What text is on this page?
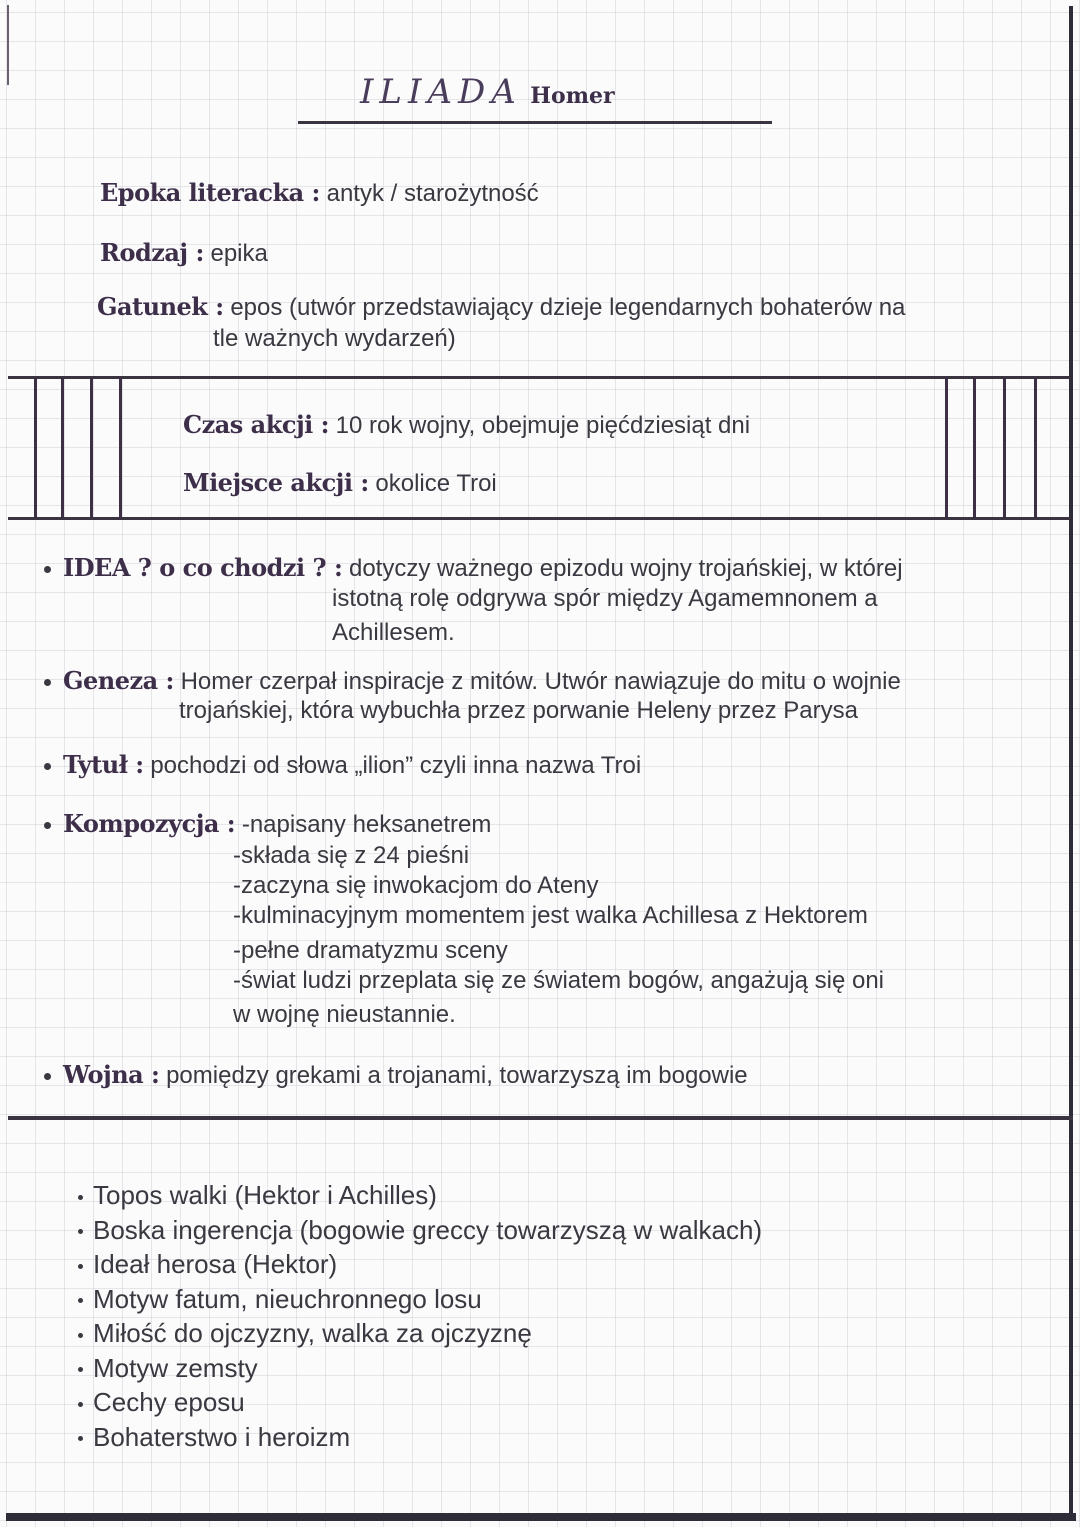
ILIADA Homer
Epoka literacka : antyk / starożytność
Rodzaj : epika
Gatunek : epos (utwór przedstawiający dzieje legendarnych bohaterów na
tle ważnych wydarzeń)
Czas akcji : 10 rok wojny, obejmuje pięćdziesiąt dni
Miejsce akcji : okolice Troi
IDEA ? o co chodzi ? : dotyczy ważnego epizodu wojny trojańskiej, w której
istotną rolę odgrywa spór między Agamemnonem a
Achillesem.
Geneza : Homer czerpał inspiracje z mitów. Utwór nawiązuje do mitu o wojnie
trojańskiej, która wybuchła przez porwanie Heleny przez Parysa
Tytuł : pochodzi od słowa „ilion” czyli inna nazwa Troi
Kompozycja : -napisany heksanetrem
-składa się z 24 pieśni
-zaczyna się inwokacjom do Ateny
-kulminacyjnym momentem jest walka Achillesa z Hektorem
-pełne dramatyzmu sceny
-świat ludzi przeplata się ze światem bogów, angażują się oni
w wojnę nieustannie.
Wojna : pomiędzy grekami a trojanami, towarzyszą im bogowie
Topos walki (Hektor i Achilles)
Boska ingerencja (bogowie greccy towarzyszą w walkach)
Ideał herosa (Hektor)
Motyw fatum, nieuchronnego losu
Miłość do ojczyzny, walka za ojczyznę
Motyw zemsty
Cechy eposu
Bohaterstwo i heroizm
